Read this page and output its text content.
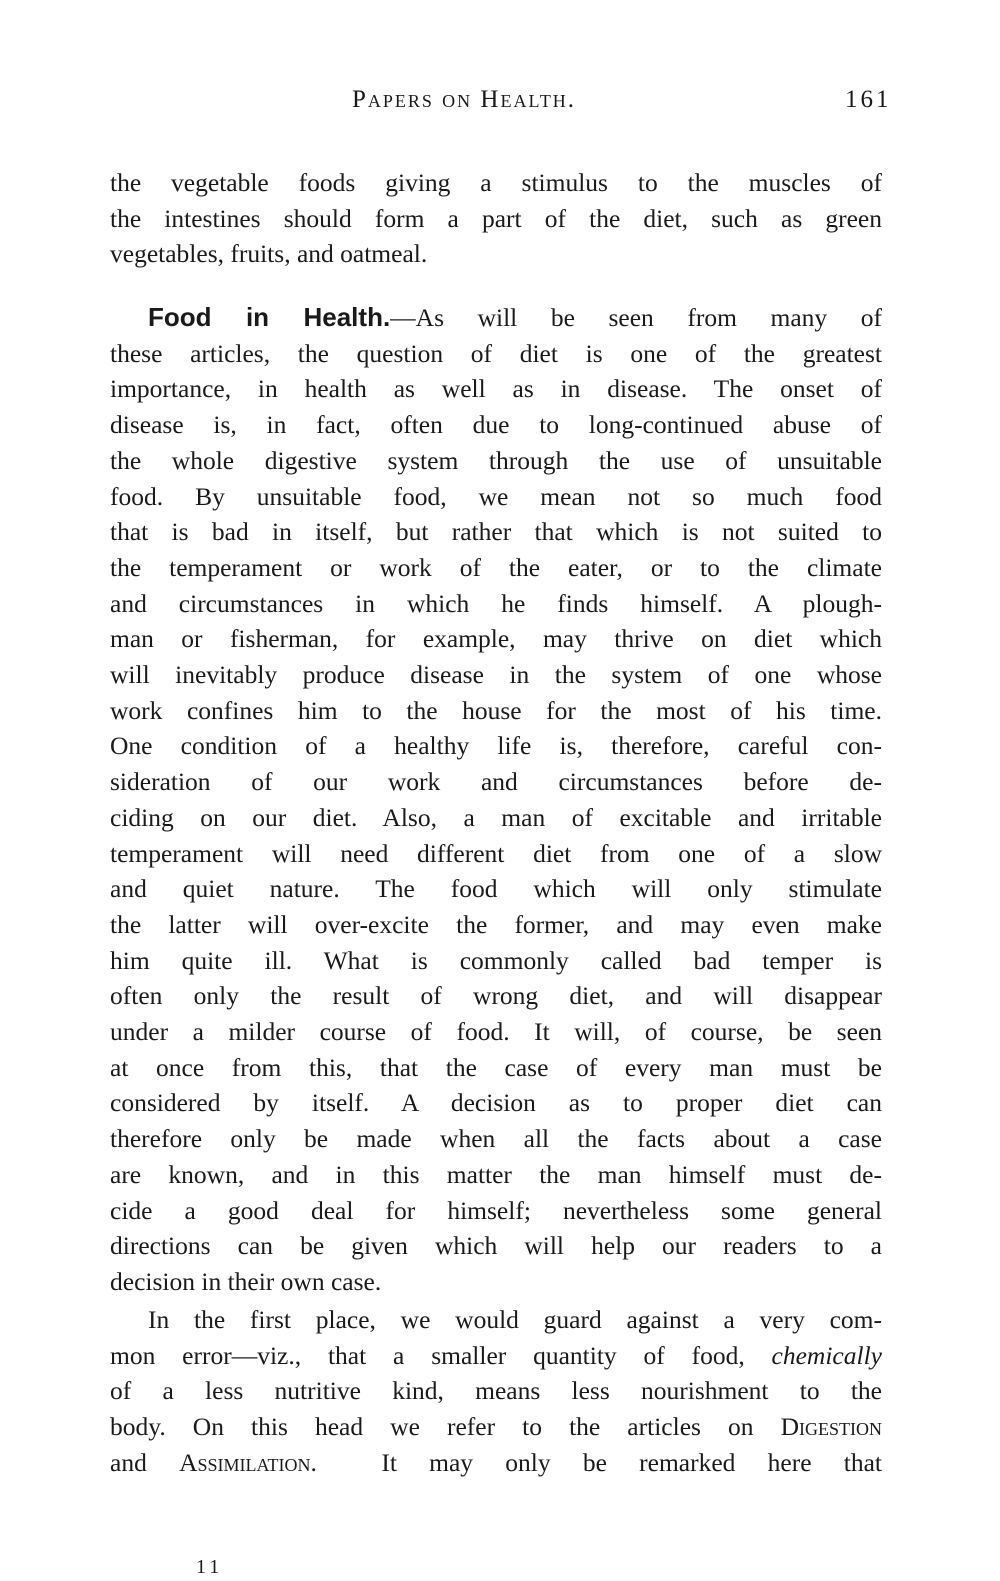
Papers on Health.	161
the vegetable foods giving a stimulus to the muscles of
the intestines should form a part of the diet, such as green
vegetables, fruits, and oatmeal.
Food in Health.—As will be seen from many of
these articles, the question of diet is one of the greatest
importance, in health as well as in disease. The onset of
disease is, in fact, often due to long-continued abuse of
the whole digestive system through the use of unsuitable
food. By unsuitable food, we mean not so much food
that is bad in itself, but rather that which is not suited to
the temperament or work of the eater, or to the climate
and circumstances in which he finds himself. A plough-
man or fisherman, for example, may thrive on diet which
will inevitably produce disease in the system of one whose
work confines him to the house for the most of his time.
One condition of a healthy life is, therefore, careful con-
sideration of our work and circumstances before de-
ciding on our diet. Also, a man of excitable and irritable
temperament will need different diet from one of a slow
and quiet nature. The food which will only stimulate
the latter will over-excite the former, and may even make
him quite ill. What is commonly called bad temper is
often only the result of wrong diet, and will disappear
under a milder course of food. It will, of course, be seen
at once from this, that the case of every man must be
considered by itself. A decision as to proper diet can
therefore only be made when all the facts about a case
are known, and in this matter the man himself must de-
cide a good deal for himself; nevertheless some general
directions can be given which will help our readers to a
decision in their own case.
In the first place, we would guard against a very com-
mon error—viz., that a smaller quantity of food, chemically
of a less nutritive kind, means less nourishment to the
body. On this head we refer to the articles on Digestion
and Assimilation.  It may only be remarked here that
11
